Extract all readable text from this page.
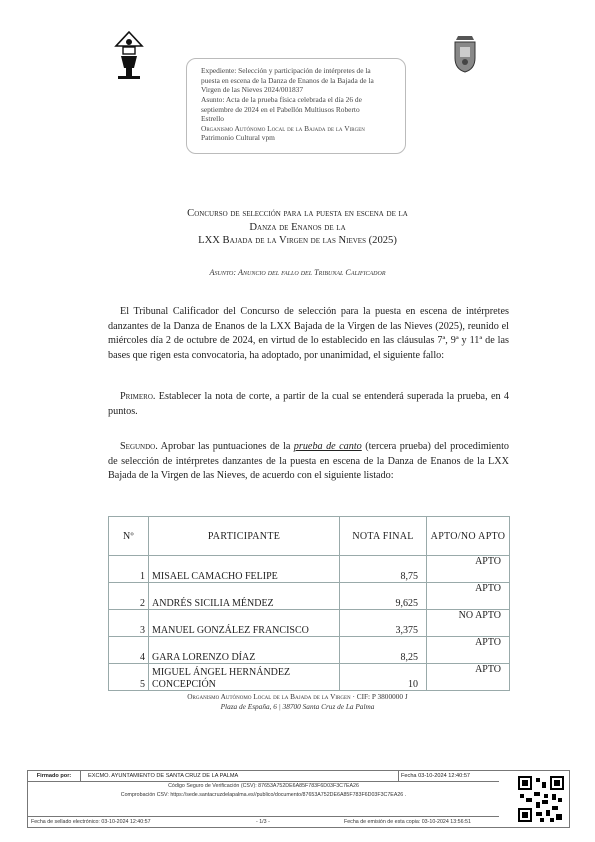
Expediente: Selección y participación de intérpretes de la
puesta en escena de la Danza de Enanos de la Bajada de la
Virgen de las Nieves 2024/001837
Asunto: Acta de la prueba física celebrada el día 26 de
septiembre de 2024 en el Pabellón Multiusos Roberto
Estrello
Organismo Autónomo Local de la Bajada de la Virgen
Patrimonio Cultural vpm
Concurso de selección para la puesta en escena de la
Danza de Enanos de la
LXX Bajada de la Virgen de las Nieves (2025)
Asunto: Anuncio del fallo del Tribunal Calificador
El Tribunal Calificador del Concurso de selección para la puesta en escena de intérpretes danzantes de la Danza de Enanos de la LXX Bajada de la Virgen de las Nieves (2025), reunido el miércoles día 2 de octubre de 2024, en virtud de lo establecido en las cláusulas 7ª, 9ª y 11ª de las bases que rigen esta convocatoria, ha adoptado, por unanimidad, el siguiente fallo:
Primero. Establecer la nota de corte, a partir de la cual se entenderá superada la prueba, en 4 puntos.
Segundo. Aprobar las puntuaciones de la prueba de canto (tercera prueba) del procedimiento de selección de intérpretes danzantes de la puesta en escena de la Danza de Enanos de la LXX Bajada de la Virgen de las Nieves, de acuerdo con el siguiente listado:
Nº	PARTICIPANTE	NOTA FINAL	APTO/NO APTO
1	MISAEL CAMACHO FELIPE	8,75	APTO
2	ANDRÉS SICILIA MÉNDEZ	9,625	APTO
3	MANUEL GONZÁLEZ FRANCISCO	3,375	NO APTO
4	GARA LORENZO DÍAZ	8,25	APTO
5	MIGUEL ÁNGEL HERNÁNDEZ CONCEPCIÓN	10	APTO
Organismo Autónomo Local de la Bajada de la Virgen · CIF: P 3800000 J
Plaza de España, 6 | 38700 Santa Cruz de La Palma
Firmado por:	EXCMO. AYUNTAMIENTO DE SANTA CRUZ DE LA PALMA	Fecha 03-10-2024 12:40:57
Código Seguro de Verificación (CSV): 87653A752DE6A85F783F6D03F3C7EA26
Comprobación CSV: https://sede.santacruzdelapalma.es//publico/documento/87653A752DE6A85F783F6D03F3C7EA26 .
Fecha de sellado electrónico: 03-10-2024 12:40:57	- 1/3 -	Fecha de emisión de esta copia: 03-10-2024 13:56:51
